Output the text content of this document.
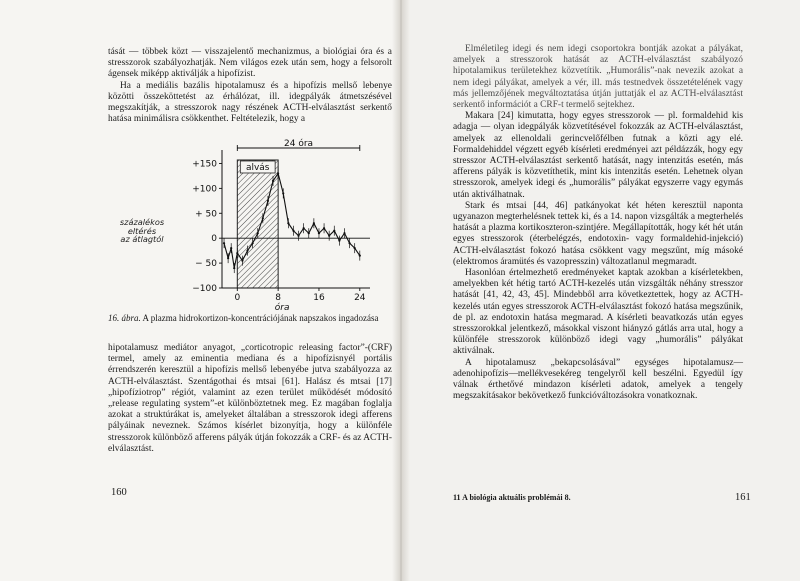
tását — többek közt — visszajelentő mechanizmus, a biológiai óra és a stresszorok szabályozhatják. Nem világos ezek után sem, hogy a felsorolt ágensek miképp aktiválják a hipofízist.

Ha a mediális bazális hipotalamusz és a hipofízis mellső lebenye közötti összeköttetést az érhálózat, ill. idegpályák átmetszésével megszakítják, a stresszorok nagy részének ACTH-elválasztást serkentő hatása minimálisra csökkenthet. Feltételezik, hogy a

százalékos
eltérés
az átlagtól
alvás
24 óra
+150
+100
+ 50
0
− 50
−100
0	8	16	24
óra
16. ábra. A plazma hidrokortizon-koncentrációjának napszakos ingadozása

hipotalamusz mediátor anyagot, „corticotropic releasing factor”-(CRF) termel, amely az eminentia mediana és a hipofízisnyél portális érrendszerén keresztül a hipofízis mellső lebenyébe jutva szabályozza az ACTH-elválasztást. Szentágothai és mtsai [61]. Halász és mtsai [17] „hipofíziotrop” régiót, valamint az ezen terület működését módosító „release regulating system”-et különböztetnek meg. Ez magában foglalja azokat a struktúrákat is, amelyeket általában a stresszorok idegi afferens pályáinak neveznek. Számos kísérlet bizonyítja, hogy a különféle stresszorok különböző afferens pályák útján fokozzák a CRF- és az ACTH-elválasztást.

160

Elméletileg idegi és nem idegi csoportokra bontják azokat a pályákat, amelyek a stresszorok hatását az ACTH-elválasztást szabályozó hipotalamikus területekhez közvetítik. „Humorális”-nak nevezik azokat a nem idegi pályákat, amelyek a vér, ill. más testnedvek összetételének vagy más jellemzőjének megváltoztatása útján juttatják el az ACTH-elválasztást serkentő információt a CRF-t termelő sejtekhez.

Makara [24] kimutatta, hogy egyes stresszorok — pl. formaldehid kis adagja — olyan idegpályák közvetítésével fokozzák az ACTH-elválasztást, amelyek az ellenoldali gerincvelőfélben futnak a közti agy elé. Formaldehiddel végzett egyéb kísérleti eredményei azt példázzák, hogy egy stresszor ACTH-elválasztást serkentő hatását, nagy intenzitás esetén, más afferens pályák is közvetíthetik, mint kis intenzitás esetén. Lehetnek olyan stresszorok, amelyek idegi és „humorális” pályákat egyszerre vagy egymás után aktiválhatnak.

Stark és mtsai [44, 46] patkányokat két héten keresztül naponta ugyanazon megterhelésnek tettek ki, és a 14. napon vizsgálták a megterhelés hatását a plazma kortikoszteron-szintjére. Megállapították, hogy két hét után egyes stresszorok (éterbelégzés, endotoxin- vagy formaldehid-injekció) ACTH-elválasztást fokozó hatása csökkent vagy megszűnt, míg másoké (elektromos áramütés és vazopresszin) változatlanul megmaradt.

Hasonlóan értelmezhető eredményeket kaptak azokban a kísérletekben, amelyekben két hétig tartó ACTH-kezelés után vizsgálták néhány stresszor hatását [41, 42, 43, 45]. Mindebből arra következtettek, hogy az ACTH-kezelés után egyes stresszorok ACTH-elválasztást fokozó hatása megszűnik, de pl. az endotoxin hatása megmarad. A kísérleti beavatkozás után egyes stresszorokkal jelentkező, másokkal viszont hiányzó gátlás arra utal, hogy a különféle stresszorok különböző idegi vagy „humorális” pályákat aktiválnak.

A hipotalamusz „bekapcsolásával” egységes hipotalamusz—adenohipofízis—mellékvesekéreg tengelyről kell beszélni. Egyedül így válnak érthetővé mindazon kísérleti adatok, amelyek a tengely megszakításakor bekövetkező funkcióváltozásokra vonatkoznak.

11 A biológia aktuális problémái 8.	161
